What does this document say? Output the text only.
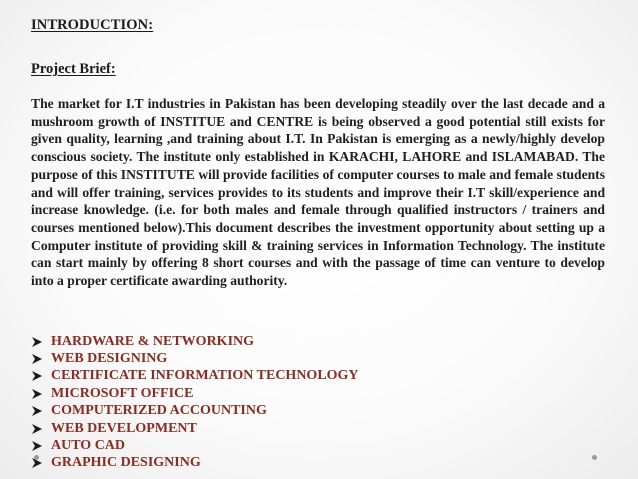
INTRODUCTION:
Project Brief:
The market for I.T industries in Pakistan has been developing steadily over the last decade and a mushroom growth of INSTITUE and CENTRE is being observed a good potential still exists for given quality, learning ,and training about I.T. In Pakistan is emerging as a newly/highly develop conscious society. The institute only established in KARACHI, LAHORE and ISLAMABAD. The purpose of this INSTITUTE will provide facilities of computer courses to male and female students and will offer training, services provides to its students and improve their I.T skill/experience and increase knowledge. (i.e. for both males and female through qualified instructors / trainers and courses mentioned below).This document describes the investment opportunity about setting up a Computer institute of providing skill & training services in Information Technology. The institute can start mainly by offering 8 short courses and with the passage of time can venture to develop into a proper certificate awarding authority.
HARDWARE & NETWORKING
WEB DESIGNING
CERTIFICATE INFORMATION TECHNOLOGY
MICROSOFT OFFICE
COMPUTERIZED ACCOUNTING
WEB DEVELOPMENT
AUTO CAD
GRAPHIC DESIGNING
